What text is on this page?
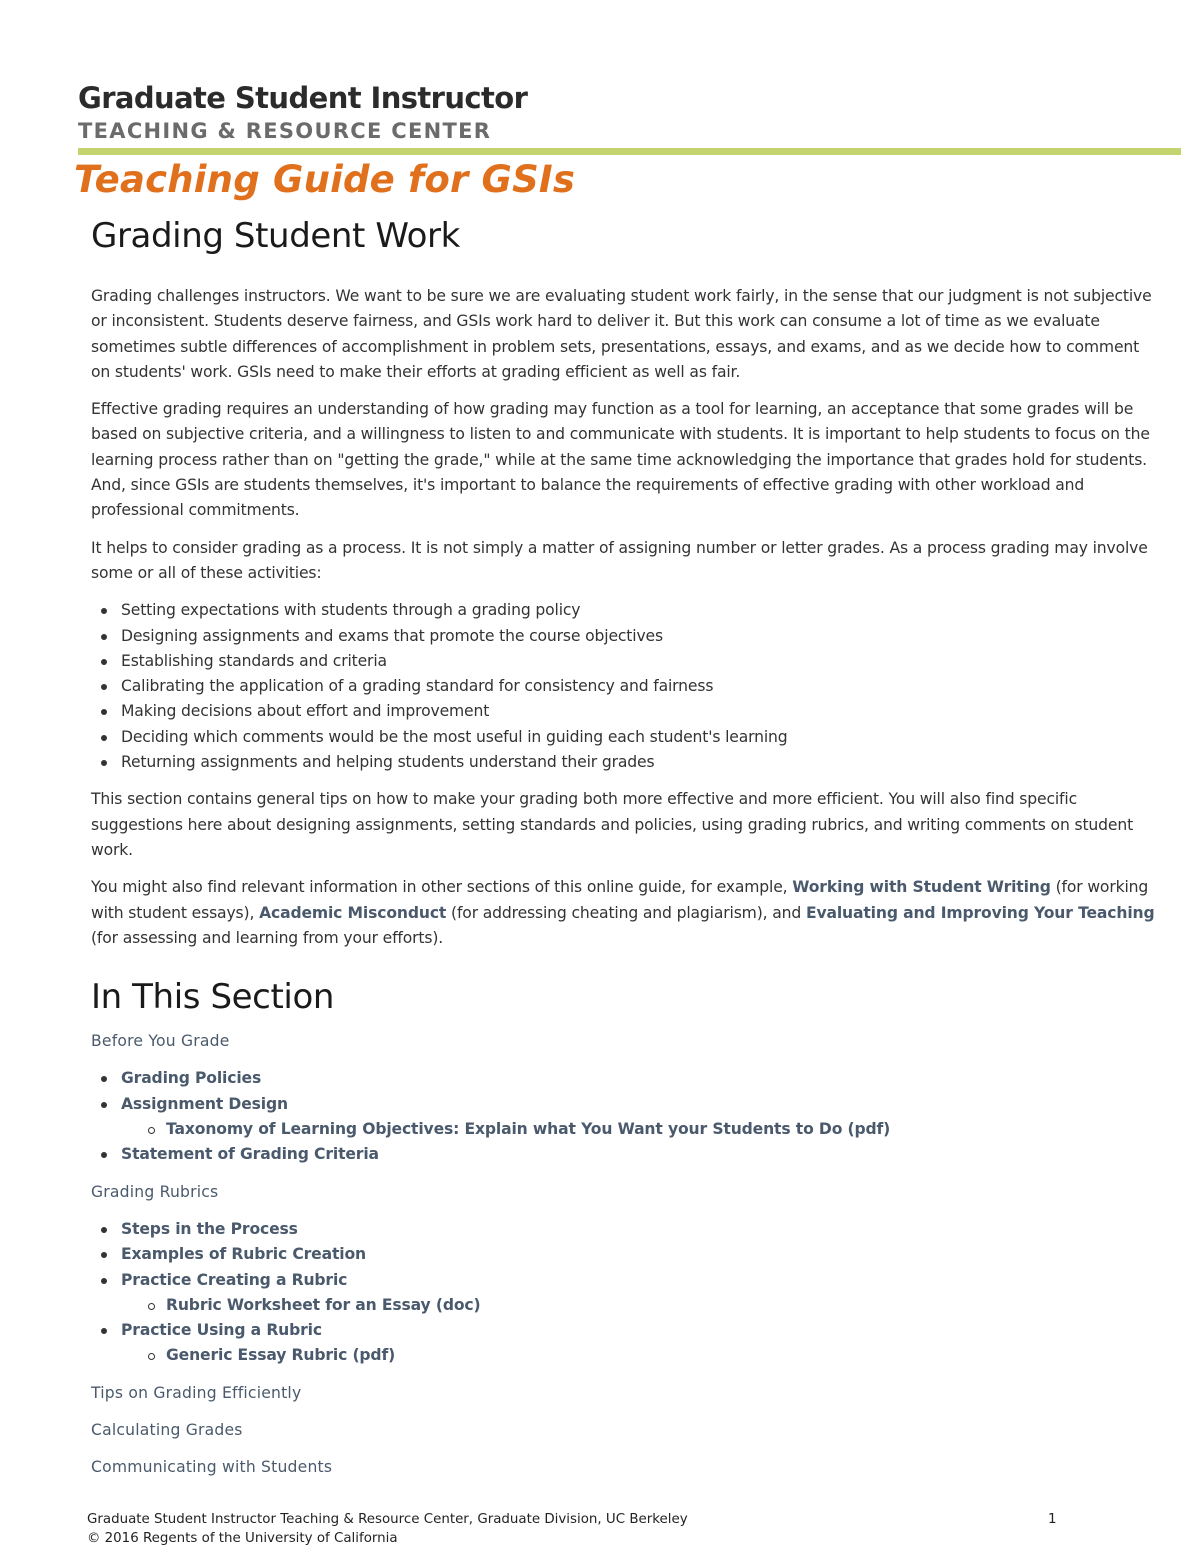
Graduate Student Instructor
TEACHING & RESOURCE CENTER
Teaching Guide for GSIs
Grading Student Work

Grading challenges instructors. We want to be sure we are evaluating student work fairly, in the sense that our judgment is not subjective or inconsistent. Students deserve fairness, and GSIs work hard to deliver it. But this work can consume a lot of time as we evaluate sometimes subtle differences of accomplishment in problem sets, presentations, essays, and exams, and as we decide how to comment on students' work. GSIs need to make their efforts at grading efficient as well as fair.

Effective grading requires an understanding of how grading may function as a tool for learning, an acceptance that some grades will be based on subjective criteria, and a willingness to listen to and communicate with students. It is important to help students to focus on the learning process rather than on "getting the grade," while at the same time acknowledging the importance that grades hold for students. And, since GSIs are students themselves, it's important to balance the requirements of effective grading with other workload and professional commitments.

It helps to consider grading as a process. It is not simply a matter of assigning number or letter grades. As a process grading may involve some or all of these activities:

Setting expectations with students through a grading policy
Designing assignments and exams that promote the course objectives
Establishing standards and criteria
Calibrating the application of a grading standard for consistency and fairness
Making decisions about effort and improvement
Deciding which comments would be the most useful in guiding each student's learning
Returning assignments and helping students understand their grades

This section contains general tips on how to make your grading both more effective and more efficient. You will also find specific suggestions here about designing assignments, setting standards and policies, using grading rubrics, and writing comments on student work.

You might also find relevant information in other sections of this online guide, for example, Working with Student Writing (for working with student essays), Academic Misconduct (for addressing cheating and plagiarism), and Evaluating and Improving Your Teaching (for assessing and learning from your efforts).

In This Section

Before You Grade

Grading Policies
Assignment Design
Taxonomy of Learning Objectives: Explain what You Want your Students to Do (pdf)
Statement of Grading Criteria

Grading Rubrics

Steps in the Process
Examples of Rubric Creation
Practice Creating a Rubric
Rubric Worksheet for an Essay (doc)
Practice Using a Rubric
Generic Essay Rubric (pdf)

Tips on Grading Efficiently

Calculating Grades

Communicating with Students

Graduate Student Instructor Teaching & Resource Center, Graduate Division, UC Berkeley
© 2016 Regents of the University of California
1
